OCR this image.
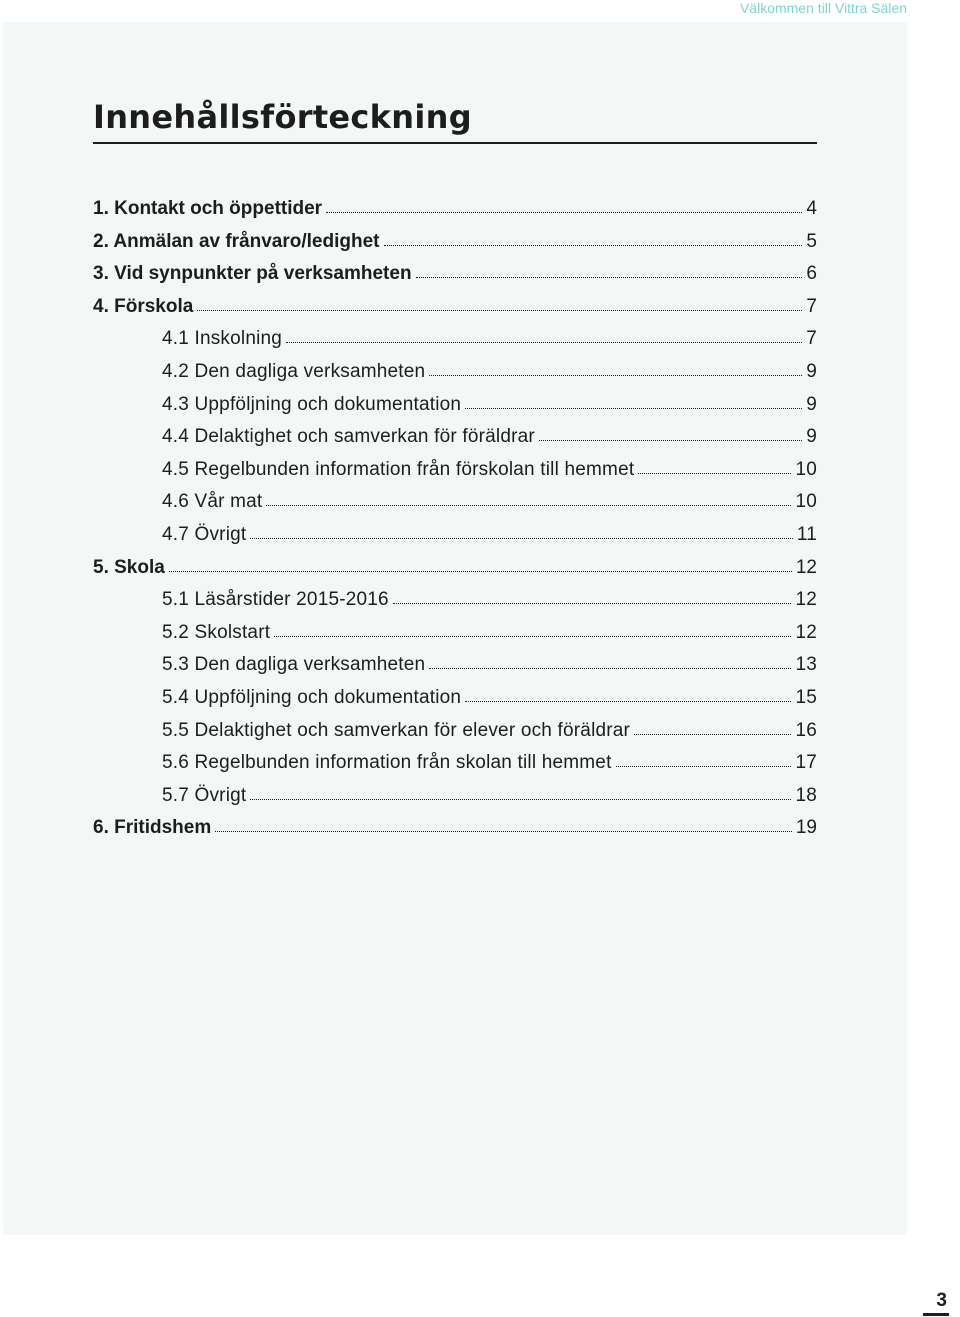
Välkommen till Vittra Sälen
Innehållsförteckning
1. Kontakt och öppettider	4
2. Anmälan av frånvaro/ledighet	5
3. Vid synpunkter på verksamheten	6
4. Förskola	7
4.1 Inskolning	7
4.2 Den dagliga verksamheten	9
4.3 Uppföljning och dokumentation	9
4.4 Delaktighet och samverkan för föräldrar	9
4.5 Regelbunden information från förskolan till hemmet	10
4.6 Vår mat	10
4.7 Övrigt	11
5. Skola	12
5.1 Läsårstider 2015-2016	12
5.2 Skolstart	12
5.3 Den dagliga verksamheten	13
5.4 Uppföljning och dokumentation	15
5.5 Delaktighet och samverkan för elever och föräldrar	16
5.6 Regelbunden information från skolan till hemmet	17
5.7 Övrigt	18
6. Fritidshem	19
3
